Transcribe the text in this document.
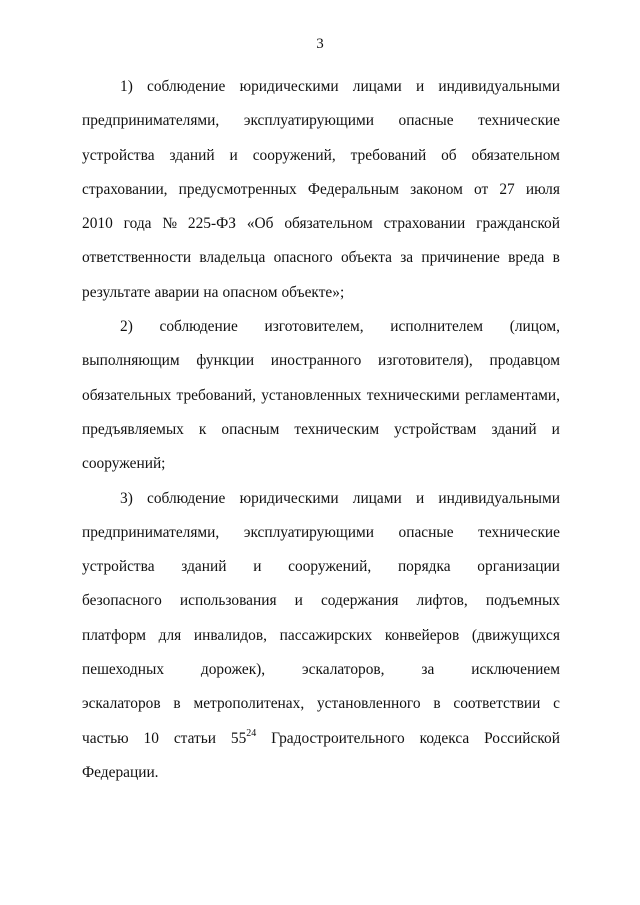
3
1) соблюдение юридическими лицами и индивидуальными
предпринимателями, эксплуатирующими опасные технические
устройства зданий и сооружений, требований об обязательном
страховании, предусмотренных Федеральным законом от 27 июля
2010 года № 225-ФЗ «Об обязательном страховании гражданской
ответственности владельца опасного объекта за причинение вреда в
результате аварии на опасном объекте»;
2) соблюдение изготовителем, исполнителем (лицом,
выполняющим функции иностранного изготовителя), продавцом
обязательных требований, установленных техническими регламентами,
предъявляемых к опасным техническим устройствам зданий и
сооружений;
3) соблюдение юридическими лицами и индивидуальными
предпринимателями, эксплуатирующими опасные технические
устройства зданий и сооружений, порядка организации
безопасного использования и содержания лифтов, подъемных
платформ для инвалидов, пассажирских конвейеров (движущихся
пешеходных дорожек), эскалаторов, за исключением
эскалаторов в метрополитенах, установленного в соответствии с
частью 10 статьи $55^{24}$ Градостроительного кодекса Российской
Федерации.
